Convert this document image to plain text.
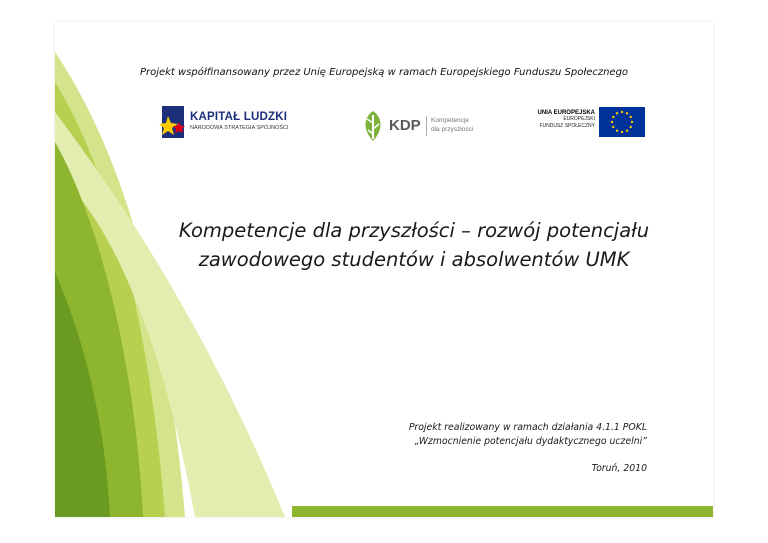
Projekt współfinansowany przez Unię Europejską w ramach Europejskiego Funduszu Społecznego
KAPITAŁ LUDZKI
NARODOWA STRATEGIA SPÓJNOŚCI	KDP Kompetencje
dla przyszłości
UNIA EUROPEJSKA
EUROPEJSKI
FUNDUSZ SPOŁECZNY
Kompetencje dla przyszłości – rozwój potencjału
zawodowego studentów i absolwentów UMK
Projekt realizowany w ramach działania 4.1.1 POKL
„Wzmocnienie potencjału dydaktycznego uczelni”
Toruń, 2010
